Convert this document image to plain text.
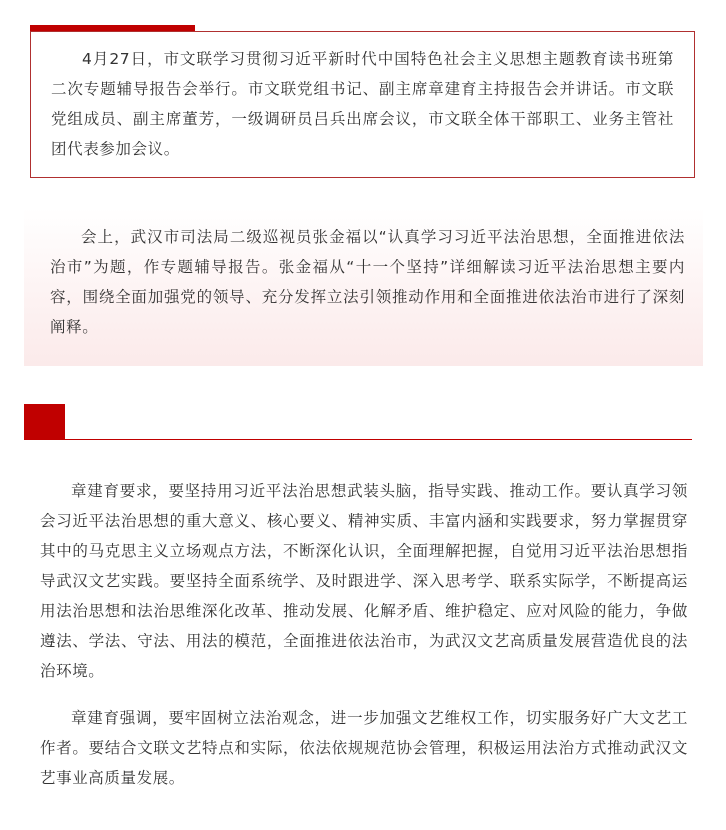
4月27日，市文联学习贯彻习近平新时代中国特色社会主义思想主题教育读书班第二次专题辅导报告会举行。市文联党组书记、副主席章建育主持报告会并讲话。市文联党组成员、副主席董芳，一级调研员吕兵出席会议，市文联全体干部职工、业务主管社团代表参加会议。

会上，武汉市司法局二级巡视员张金福以“认真学习习近平法治思想，全面推进依法治市”为题，作专题辅导报告。张金福从“十一个坚持”详细解读习近平法治思想主要内容，围绕全面加强党的领导、充分发挥立法引领推动作用和全面推进依法治市进行了深刻阐释。

章建育要求，要坚持用习近平法治思想武装头脑，指导实践、推动工作。要认真学习领会习近平法治思想的重大意义、核心要义、精神实质、丰富内涵和实践要求，努力掌握贯穿其中的马克思主义立场观点方法，不断深化认识，全面理解把握，自觉用习近平法治思想指导武汉文艺实践。要坚持全面系统学、及时跟进学、深入思考学、联系实际学，不断提高运用法治思想和法治思维深化改革、推动发展、化解矛盾、维护稳定、应对风险的能力，争做遵法、学法、守法、用法的模范，全面推进依法治市，为武汉文艺高质量发展营造优良的法治环境。

章建育强调，要牢固树立法治观念，进一步加强文艺维权工作，切实服务好广大文艺工作者。要结合文联文艺特点和实际，依法依规规范协会管理，积极运用法治方式推动武汉文艺事业高质量发展。
